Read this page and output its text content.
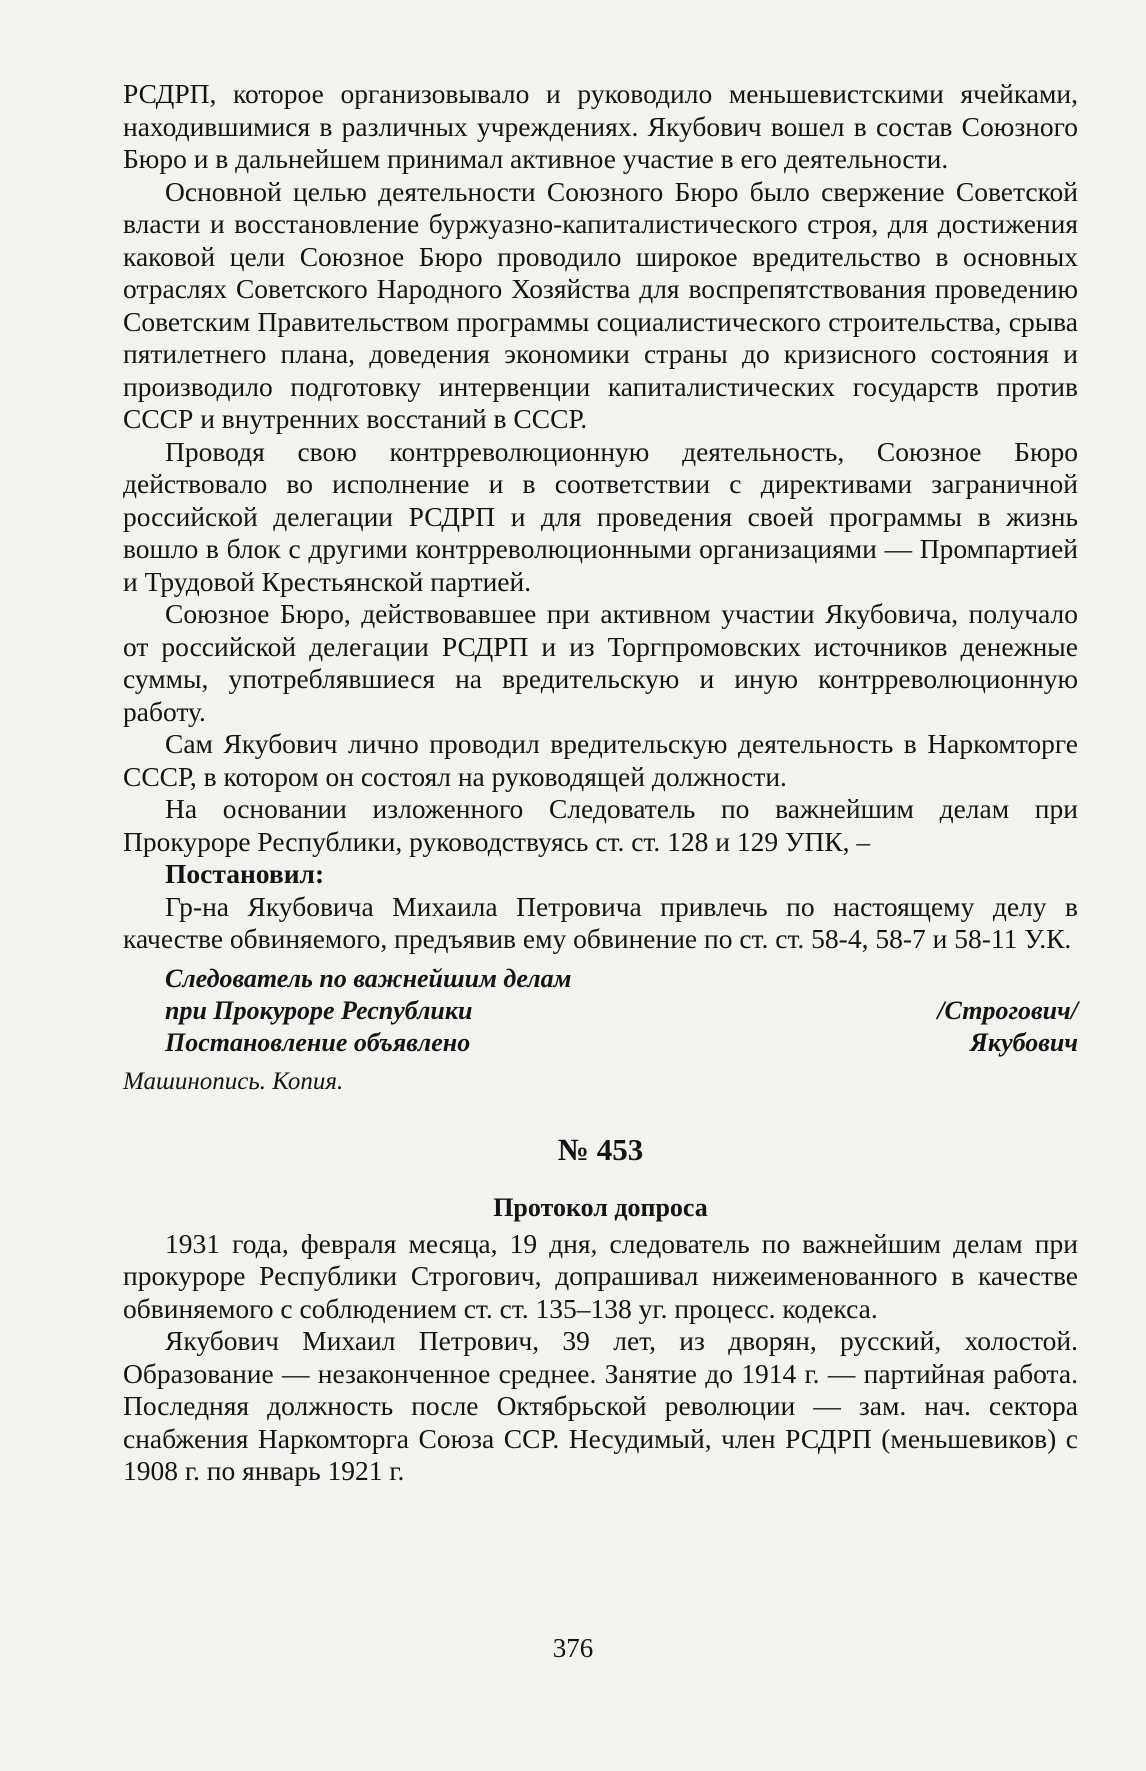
РСДРП, которое организовывало и руководило меньшевистскими ячейками, находившимися в различных учреждениях. Якубович вошел в состав Союзного Бюро и в дальнейшем принимал активное участие в его деятельности.

Основной целью деятельности Союзного Бюро было свержение Советской власти и восстановление буржуазно-капиталистического строя, для достижения каковой цели Союзное Бюро проводило широкое вредительство в основных отраслях Советского Народного Хозяйства для воспрепятствования проведению Советским Правительством программы социалистического строительства, срыва пятилетнего плана, доведения экономики страны до кризисного состояния и производило подготовку интервенции капиталистических государств против СССР и внутренних восстаний в СССР.

Проводя свою контрреволюционную деятельность, Союзное Бюро действовало во исполнение и в соответствии с директивами заграничной российской делегации РСДРП и для проведения своей программы в жизнь вошло в блок с другими контрреволюционными организациями — Промпартией и Трудовой Крестьянской партией.

Союзное Бюро, действовавшее при активном участии Якубовича, получало от российской делегации РСДРП и из Торгпромовских источников денежные суммы, употреблявшиеся на вредительскую и иную контрреволюционную работу.

Сам Якубович лично проводил вредительскую деятельность в Наркомторге СССР, в котором он состоял на руководящей должности.

На основании изложенного Следователь по важнейшим делам при Прокуроре Республики, руководствуясь ст. ст. 128 и 129 УПК, –

Постановил:

Гр-на Якубовича Михаила Петровича привлечь по настоящему делу в качестве обвиняемого, предъявив ему обвинение по ст. ст. 58-4, 58-7 и 58-11 У.К.

Следователь по важнейшим делам
при Прокуроре Республики	/Строгович/
Постановление объявлено	Якубович
Машинопись. Копия.
№ 453
Протокол допроса

1931 года, февраля месяца, 19 дня, следователь по важнейшим делам при прокуроре Республики Строгович, допрашивал нижеименованного в качестве обвиняемого с соблюдением ст. ст. 135–138 уг. процесс. кодекса.

Якубович Михаил Петрович, 39 лет, из дворян, русский, холостой. Образование — незаконченное среднее. Занятие до 1914 г. — партийная работа. Последняя должность после Октябрьской революции — зам. нач. сектора снабжения Наркомторга Союза ССР. Несудимый, член РСДРП (меньшевиков) с 1908 г. по январь 1921 г.

376
